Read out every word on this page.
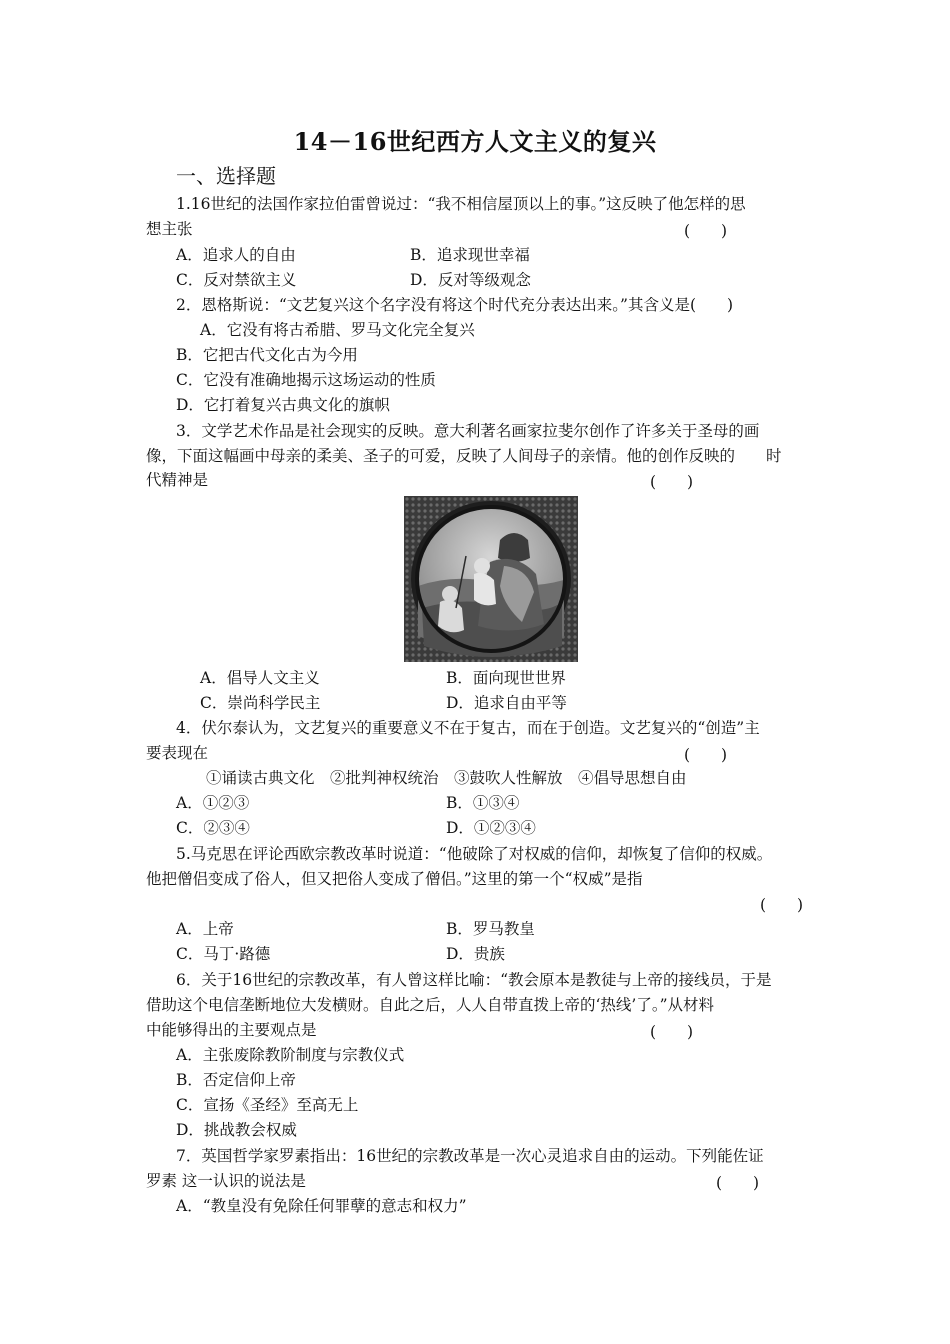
14－16世纪西方人文主义的复兴
一、选择题
1.16世纪的法国作家拉伯雷曾说过：“我不相信屋顶以上的事。”这反映了他怎样的思
想主张	(　　)
A．追求人的自由	B．追求现世幸福
C．反对禁欲主义	D．反对等级观念
2．恩格斯说：“文艺复兴这个名字没有将这个时代充分表达出来。”其含义是(　　)
A．它没有将古希腊、罗马文化完全复兴
B．它把古代文化古为今用
C．它没有准确地揭示这场运动的性质
D．它打着复兴古典文化的旗帜
3．文学艺术作品是社会现实的反映。意大利著名画家拉斐尔创作了许多关于圣母的画
像，下面这幅画中母亲的柔美、圣子的可爱，反映了人间母子的亲情。他的创作反映的　　时
代精神是	(　　)
A．倡导人文主义	B．面向现世世界
C．崇尚科学民主	D．追求自由平等
4．伏尔泰认为，文艺复兴的重要意义不在于复古，而在于创造。文艺复兴的“创造”主
要表现在	(　　)
①诵读古典文化　②批判神权统治　③鼓吹人性解放　④倡导思想自由
A．①②③	B．①③④
C．②③④	D．①②③④
5.马克思在评论西欧宗教改革时说道：“他破除了对权威的信仰，却恢复了信仰的权威。
他把僧侣变成了俗人，但又把俗人变成了僧侣。”这里的第一个“权威”是指
(　　)
A．上帝	B．罗马教皇
C．马丁·路德	D．贵族
6．关于16世纪的宗教改革，有人曾这样比喻：“教会原本是教徒与上帝的接线员，于是
借助这个电信垄断地位大发横财。自此之后，人人自带直拨上帝的‘热线’了。”从材料
中能够得出的主要观点是	(　　)
A．主张废除教阶制度与宗教仪式
B．否定信仰上帝
C．宣扬《圣经》至高无上
D．挑战教会权威
7．英国哲学家罗素指出：16世纪的宗教改革是一次心灵追求自由的运动。下列能佐证
罗素 这一认识的说法是	(　　)
A．“教皇没有免除任何罪孽的意志和权力”
